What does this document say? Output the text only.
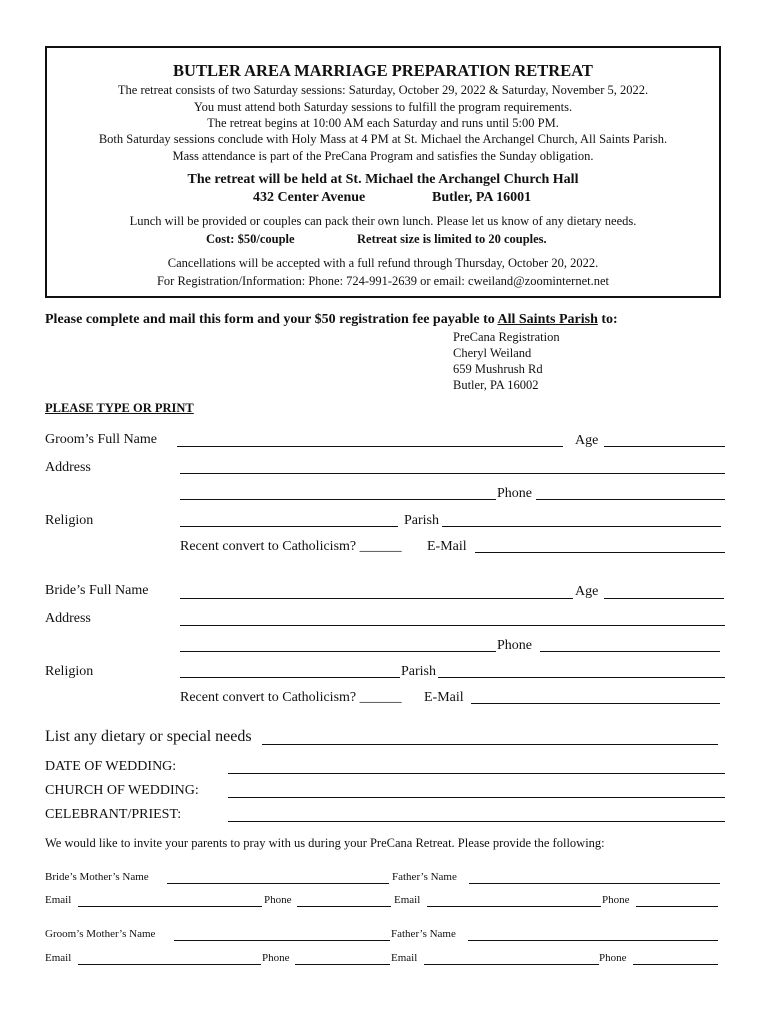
BUTLER AREA MARRIAGE PREPARATION RETREAT
The retreat consists of two Saturday sessions: Saturday, October 29, 2022 & Saturday, November 5, 2022.
You must attend both Saturday sessions to fulfill the program requirements.
The retreat begins at 10:00 AM each Saturday and runs until 5:00 PM.
Both Saturday sessions conclude with Holy Mass at 4 PM at St. Michael the Archangel Church, All Saints Parish.
Mass attendance is part of the PreCana Program and satisfies the Sunday obligation.
The retreat will be held at St. Michael the Archangel Church Hall
432 Center Avenue	Butler, PA 16001
Lunch will be provided or couples can pack their own lunch. Please let us know of any dietary needs.
Cost: $50/couple	Retreat size is limited to 20 couples.
Cancellations will be accepted with a full refund through Thursday, October 20, 2022.
For Registration/Information: Phone: 724-991-2639 or email: cweiland@zoominternet.net
Please complete and mail this form and your $50 registration fee payable to All Saints Parish to:
PreCana Registration
Cheryl Weiland
659 Mushrush Rd
Butler, PA 16002
PLEASE TYPE OR PRINT
Groom’s Full Name	Age
Address
Phone
Religion	Parish
Recent convert to Catholicism? ______ E-Mail
Bride’s Full Name	Age
Address
Phone
Religion	Parish
Recent convert to Catholicism? ______ E-Mail
List any dietary or special needs
DATE OF WEDDING:
CHURCH OF WEDDING:
CELEBRANT/PRIEST:
We would like to invite your parents to pray with us during your PreCana Retreat. Please provide the following:
Bride’s Mother’s Name	Father’s Name
Email	Phone	Email	Phone
Groom’s Mother’s Name	Father’s Name
Email	Phone	Email	Phone
